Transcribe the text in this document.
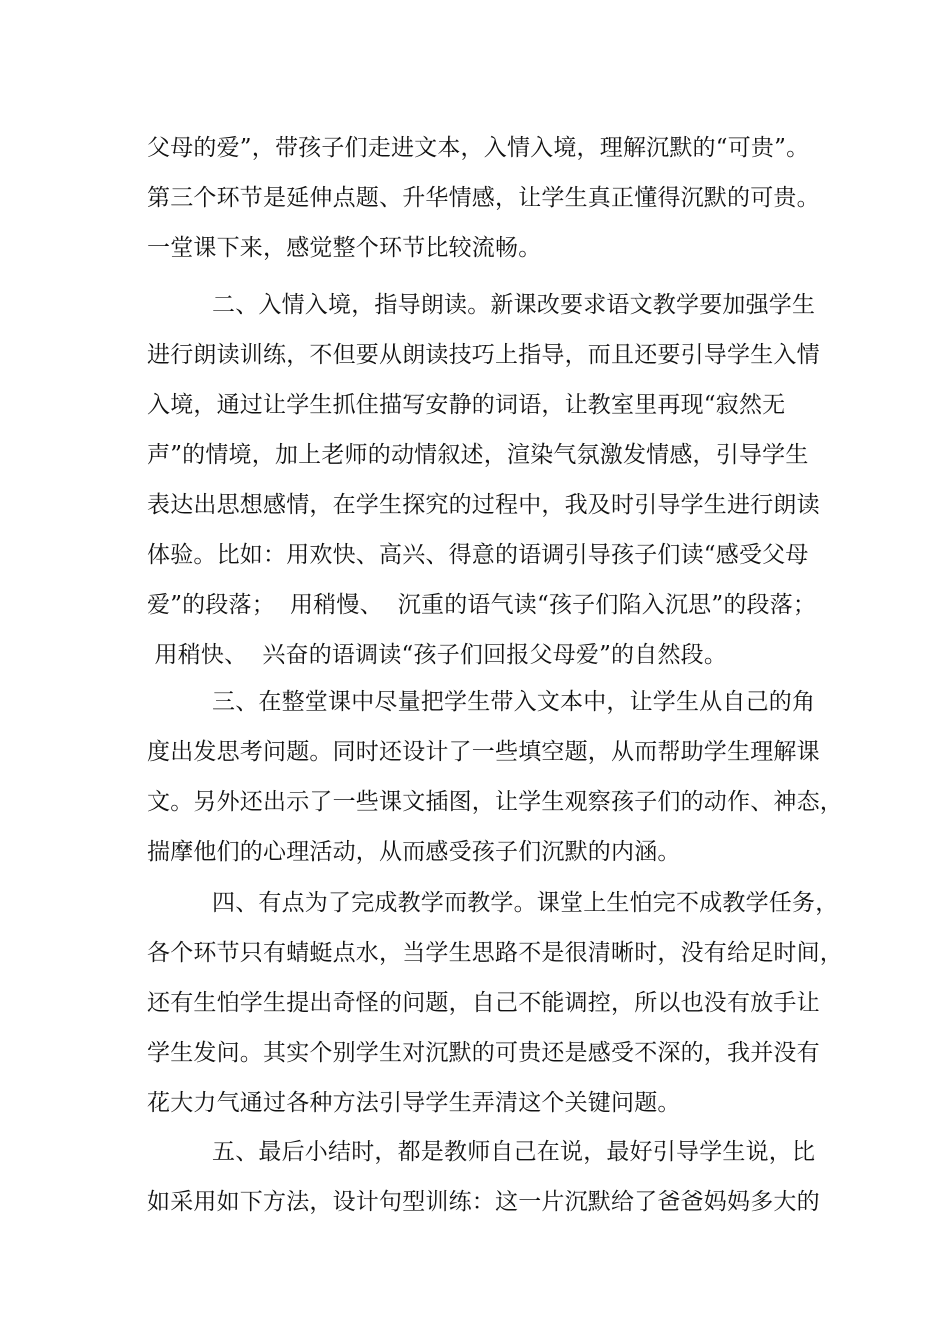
父母的爱”，带孩子们走进文本，入情入境，理解沉默的“可贵”。
第三个环节是延伸点题、升华情感，让学生真正懂得沉默的可贵。
一堂课下来，感觉整个环节比较流畅。
二、入情入境，指导朗读。新课改要求语文教学要加强学生
进行朗读训练，不但要从朗读技巧上指导，而且还要引导学生入情
入境，通过让学生抓住描写安静的词语，让教室里再现“寂然无
声”的情境，加上老师的动情叙述，渲染气氛激发情感，引导学生
表达出思想感情，在学生探究的过程中，我及时引导学生进行朗读
体验。比如：用欢快、高兴、得意的语调引导孩子们读“感受父母
爱”的段落；  用稍慢、  沉重的语气读“孩子们陷入沉思”的段落；
用稍快、  兴奋的语调读“孩子们回报父母爱”的自然段。
三、在整堂课中尽量把学生带入文本中，让学生从自己的角
度出发思考问题。同时还设计了一些填空题，从而帮助学生理解课
文。另外还出示了一些课文插图，让学生观察孩子们的动作、神态，
揣摩他们的心理活动，从而感受孩子们沉默的内涵。
四、有点为了完成教学而教学。课堂上生怕完不成教学任务，
各个环节只有蜻蜓点水，当学生思路不是很清晰时，没有给足时间，
还有生怕学生提出奇怪的问题，自己不能调控，所以也没有放手让
学生发问。其实个别学生对沉默的可贵还是感受不深的，我并没有
花大力气通过各种方法引导学生弄清这个关键问题。
五、最后小结时，都是教师自己在说，最好引导学生说，比
如采用如下方法，设计句型训练：这一片沉默给了爸爸妈妈多大的
